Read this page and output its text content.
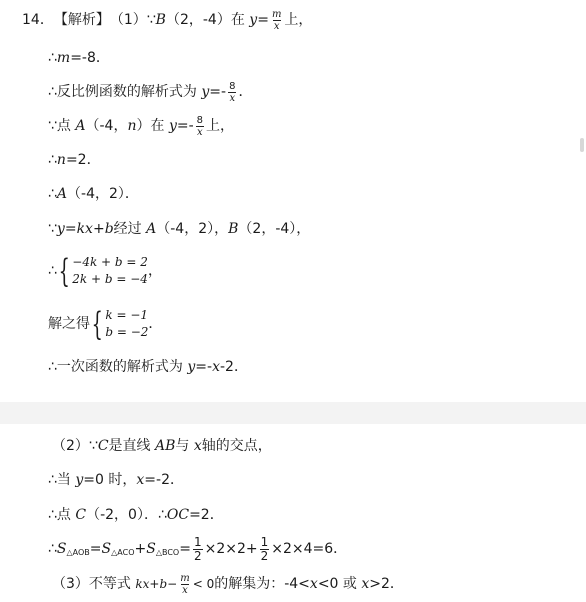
14． 【解析】 （1）∵ B （2，-4）在 $y = \frac{m}{x}$ 上，
∴ m =-8．
∴反比例函数的解析式为 $y =- \frac{8}{x}$ ．
∵点 A （-4， n ）在 $y =- \frac{8}{x}$ 上，
∴ n =2．
∴ A （-4，2）．
∵ y = kx + b 经过 A （-4，2）， B （2，-4），
∴ { −4k + b = 2
2k + b = −4 ，
解之得 { k = −1
b = −2 ．
∴一次函数的解析式为 y =- x -2．
（2）∵ C 是直线 AB 与 x 轴的交点，
∴当 y =0 时， x =-2．
∴点 C （-2，0）．∴ OC =2．
∴ S △AOB = S △ACO + S △BCO = $\frac{1}{2} \times 2\times 2+ \frac{1}{2} \times 2\times 4=6$．
（3）不等式 kx + $b - \frac{m}{x} < 0$ 的解集为：-4< x <0 或 x >2．
